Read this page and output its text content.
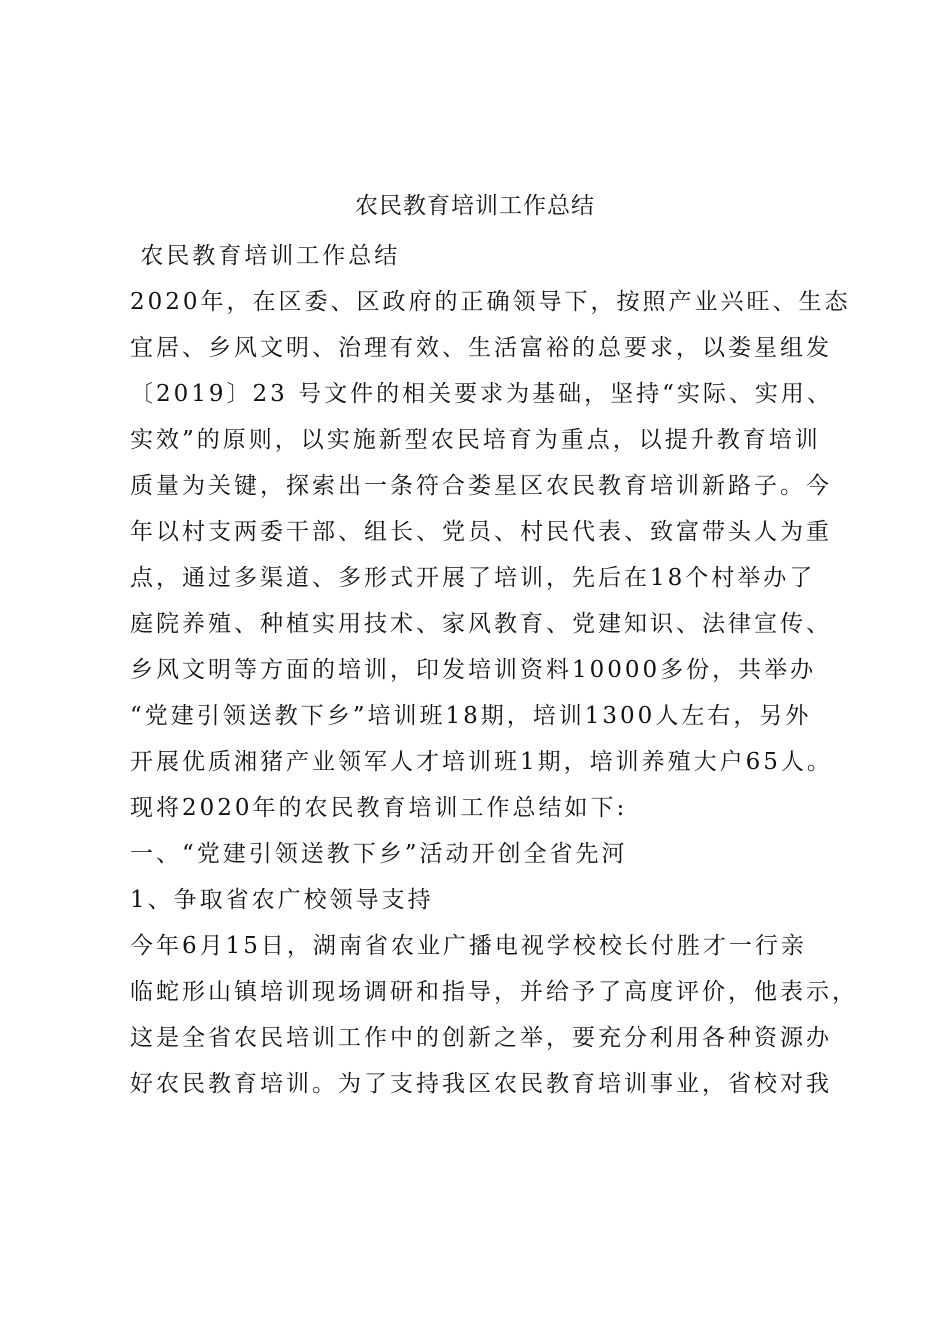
农民教育培训工作总结
农民教育培训工作总结
2020年，在区委、区政府的正确领导下，按照产业兴旺、生态
宜居、乡风文明、治理有效、生活富裕的总要求，以娄星组发
〔2019〕23 号文件的相关要求为基础，坚持“实际、实用、
实效”的原则，以实施新型农民培育为重点，以提升教育培训
质量为关键，探索出一条符合娄星区农民教育培训新路子。今
年以村支两委干部、组长、党员、村民代表、致富带头人为重
点，通过多渠道、多形式开展了培训，先后在18个村举办了
庭院养殖、种植实用技术、家风教育、党建知识、法律宣传、
乡风文明等方面的培训，印发培训资料10000多份，共举办
“党建引领送教下乡”培训班18期，培训1300人左右，另外
开展优质湘猪产业领军人才培训班1期，培训养殖大户65人。
现将2020年的农民教育培训工作总结如下:
一、“党建引领送教下乡”活动开创全省先河
1、争取省农广校领导支持
今年6月15日，湖南省农业广播电视学校校长付胜才一行亲
临蛇形山镇培训现场调研和指导，并给予了高度评价，他表示，
这是全省农民培训工作中的创新之举，要充分利用各种资源办
好农民教育培训。为了支持我区农民教育培训事业，省校对我
